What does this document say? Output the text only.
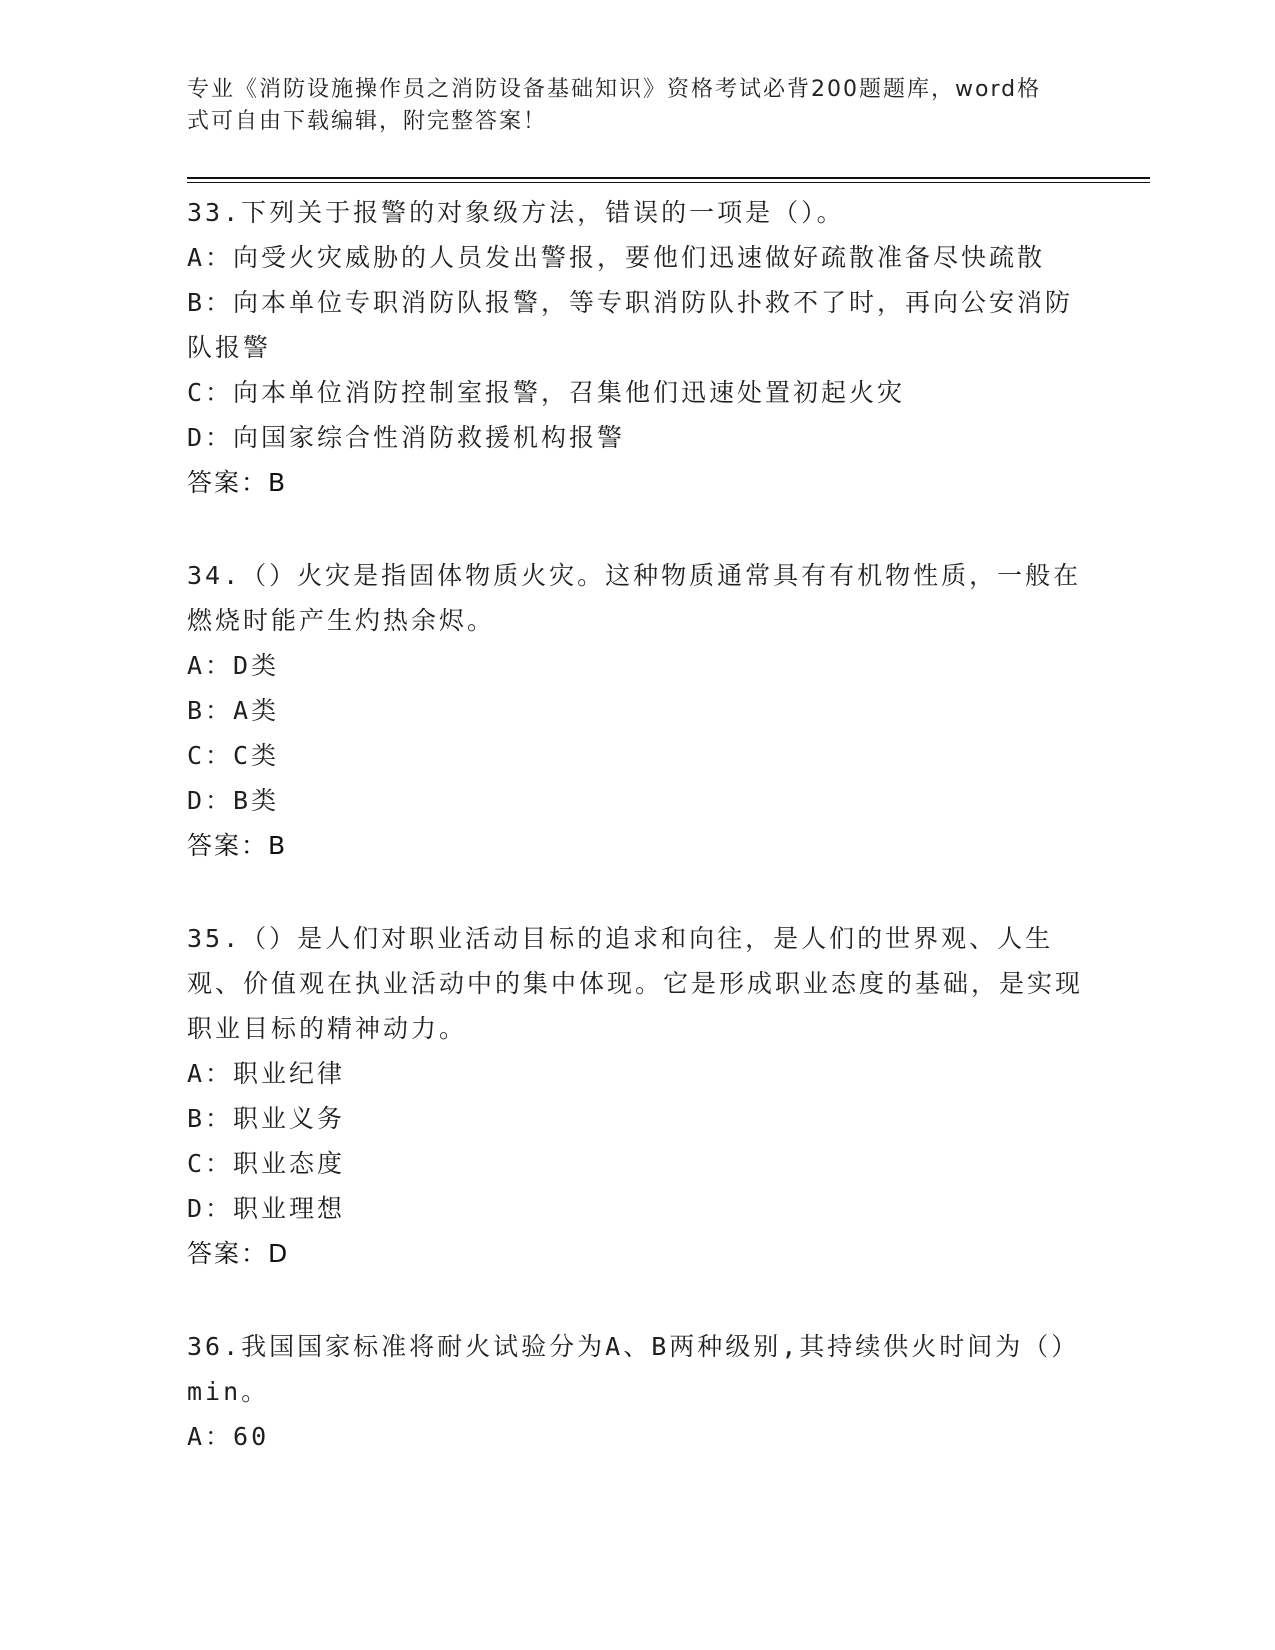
专业《消防设施操作员之消防设备基础知识》资格考试必背200题题库，word格
式可自由下载编辑，附完整答案！

33.下列关于报警的对象级方法，错误的一项是（）。

A：向受火灾威胁的人员发出警报，要他们迅速做好疏散准备尽快疏散

B：向本单位专职消防队报警，等专职消防队扑救不了时，再向公安消防队报警

C：向本单位消防控制室报警，召集他们迅速处置初起火灾

D：向国家综合性消防救援机构报警

答案：B

34.（）火灾是指固体物质火灾。这种物质通常具有有机物性质，一般在燃烧时能产生灼热余烬。

A：D类

B：A类

C：C类

D：B类

答案：B

35.（）是人们对职业活动目标的追求和向往，是人们的世界观、人生观、价值观在执业活动中的集中体现。它是形成职业态度的基础，是实现职业目标的精神动力。

A：职业纪律

B：职业义务

C：职业态度

D：职业理想

答案：D

36.我国国家标准将耐火试验分为A、B两种级别,其持续供火时间为（）min。

A：60
